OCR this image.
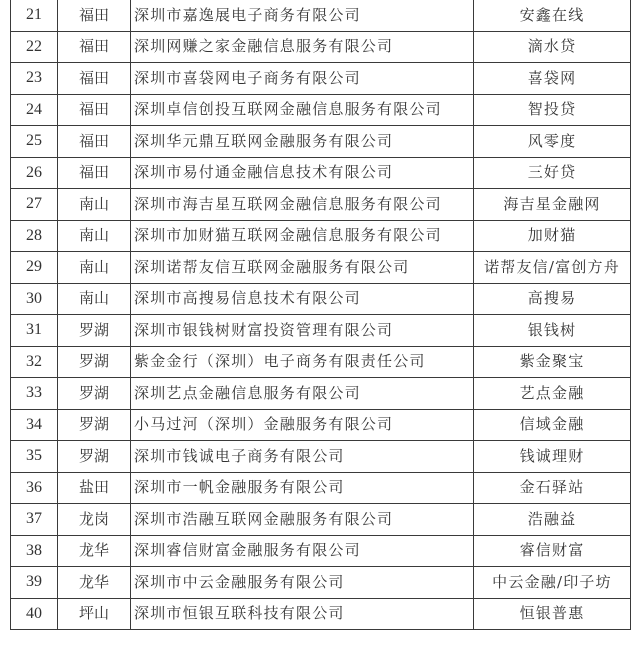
21	福田	深圳市嘉逸展电子商务有限公司	安鑫在线
22	福田	深圳网赚之家金融信息服务有限公司	滴水贷
23	福田	深圳市喜袋网电子商务有限公司	喜袋网
24	福田	深圳卓信创投互联网金融信息服务有限公司	智投贷
25	福田	深圳华元鼎互联网金融服务有限公司	风零度
26	福田	深圳市易付通金融信息技术有限公司	三好贷
27	南山	深圳市海吉星互联网金融信息服务有限公司	海吉星金融网
28	南山	深圳市加财猫互联网金融信息服务有限公司	加财猫
29	南山	深圳诺帮友信互联网金融服务有限公司	诺帮友信/富创方舟
30	南山	深圳市高搜易信息技术有限公司	高搜易
31	罗湖	深圳市银钱树财富投资管理有限公司	银钱树
32	罗湖	紫金金行（深圳）电子商务有限责任公司	紫金聚宝
33	罗湖	深圳艺点金融信息服务有限公司	艺点金融
34	罗湖	小马过河（深圳）金融服务有限公司	信域金融
35	罗湖	深圳市钱诚电子商务有限公司	钱诚理财
36	盐田	深圳市一帆金融服务有限公司	金石驿站
37	龙岗	深圳市浩融互联网金融服务有限公司	浩融益
38	龙华	深圳睿信财富金融服务有限公司	睿信财富
39	龙华	深圳市中云金融服务有限公司	中云金融/印子坊
40	坪山	深圳市恒银互联科技有限公司	恒银普惠
